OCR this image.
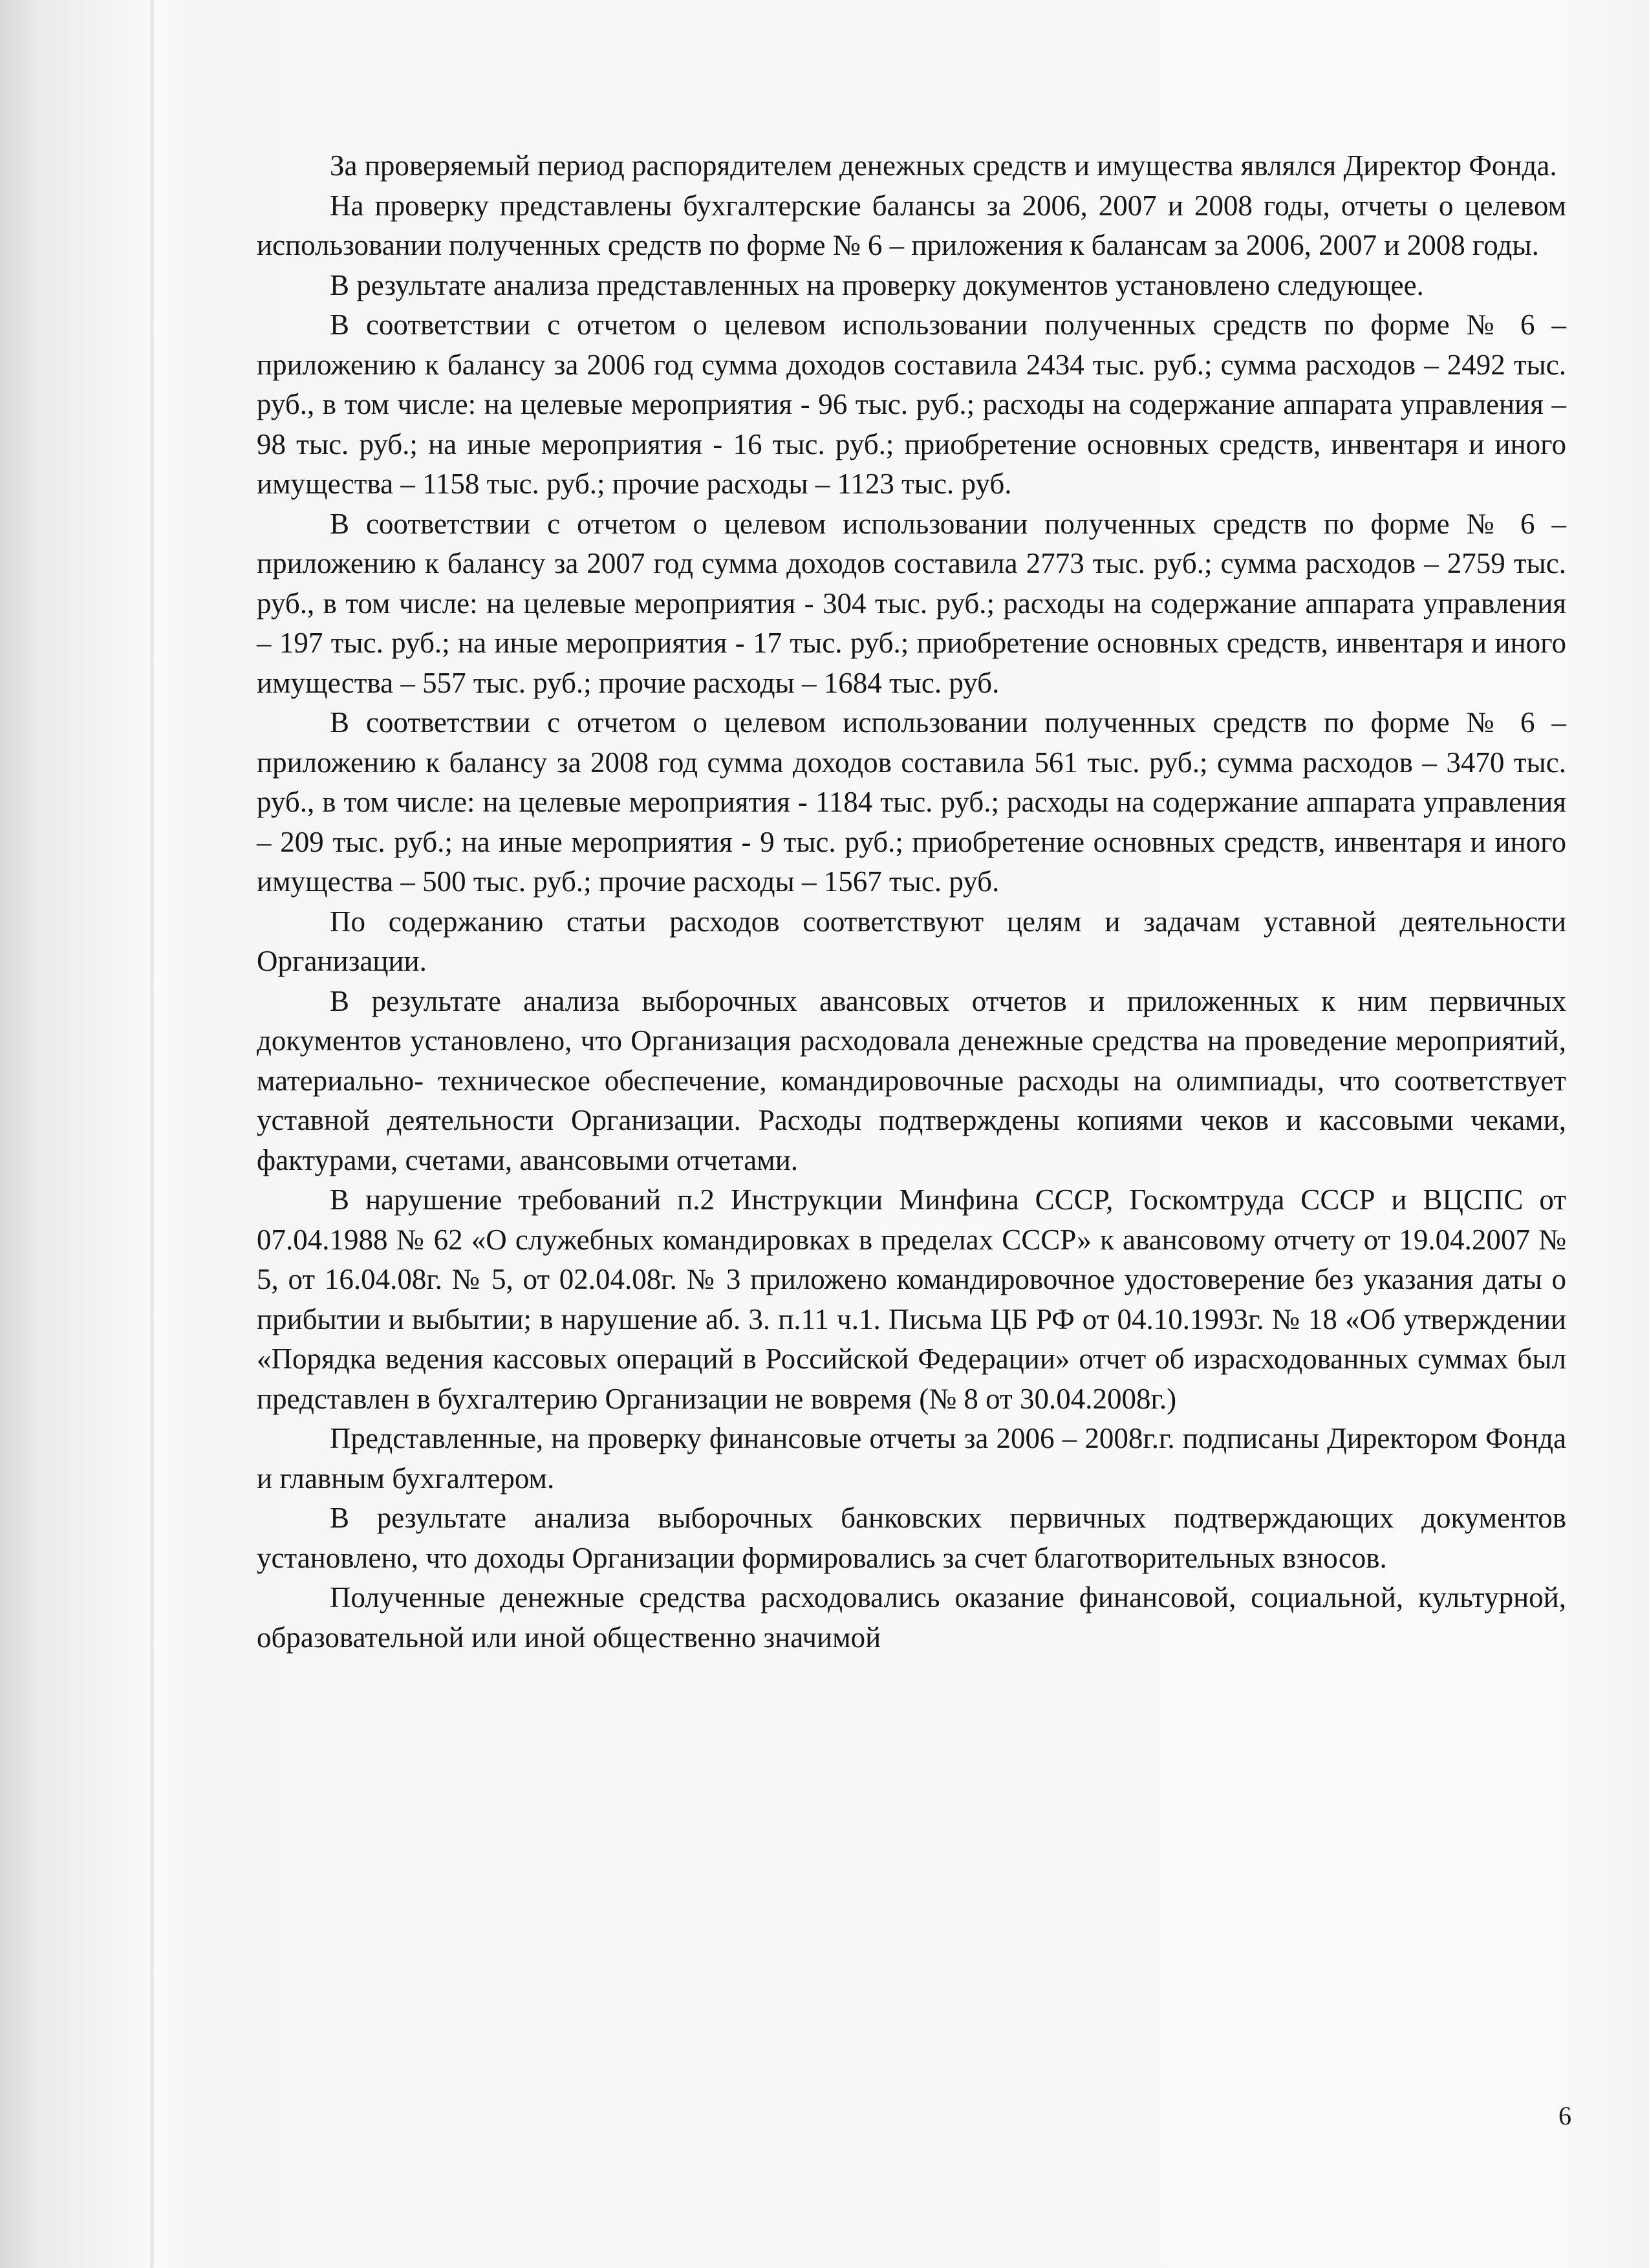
За проверяемый период распорядителем денежных средств и имущества являлся Директор Фонда.

На проверку представлены бухгалтерские балансы за 2006, 2007 и 2008 годы, отчеты о целевом использовании полученных средств по форме № 6 – приложения к балансам за 2006, 2007 и 2008 годы.

В результате анализа представленных на проверку документов установлено следующее.

В соответствии с отчетом о целевом использовании полученных средств по форме № 6 – приложению к балансу за 2006 год сумма доходов составила 2434 тыс. руб.; сумма расходов – 2492 тыс. руб., в том числе: на целевые мероприятия - 96 тыс. руб.; расходы на содержание аппарата управления – 98 тыс. руб.; на иные мероприятия - 16 тыс. руб.; приобретение основных средств, инвентаря и иного имущества – 1158 тыс. руб.; прочие расходы – 1123 тыс. руб.

В соответствии с отчетом о целевом использовании полученных средств по форме № 6 – приложению к балансу за 2007 год сумма доходов составила 2773 тыс. руб.; сумма расходов – 2759 тыс. руб., в том числе: на целевые мероприятия - 304 тыс. руб.; расходы на содержание аппарата управления – 197 тыс. руб.; на иные мероприятия - 17 тыс. руб.; приобретение основных средств, инвентаря и иного имущества – 557 тыс. руб.; прочие расходы – 1684 тыс. руб.

В соответствии с отчетом о целевом использовании полученных средств по форме № 6 – приложению к балансу за 2008 год сумма доходов составила 561 тыс. руб.; сумма расходов – 3470 тыс. руб., в том числе: на целевые мероприятия - 1184 тыс. руб.; расходы на содержание аппарата управления – 209 тыс. руб.; на иные мероприятия - 9 тыс. руб.; приобретение основных средств, инвентаря и иного имущества – 500 тыс. руб.; прочие расходы – 1567 тыс. руб.

По содержанию статьи расходов соответствуют целям и задачам уставной деятельности Организации.

В результате анализа выборочных авансовых отчетов и приложенных к ним первичных документов установлено, что Организация расходовала денежные средства на проведение мероприятий, материально- техническое обеспечение, командировочные расходы на олимпиады, что соответствует уставной деятельности Организации. Расходы подтверждены копиями чеков и кассовыми чеками, фактурами, счетами, авансовыми отчетами.

В нарушение требований п.2 Инструкции Минфина СССР, Госкомтруда СССР и ВЦСПС от 07.04.1988 № 62 «О служебных командировках в пределах СССР» к авансовому отчету от 19.04.2007 № 5, от 16.04.08г. № 5, от 02.04.08г. № 3 приложено командировочное удостоверение без указания даты о прибытии и выбытии; в нарушение аб. 3. п.11 ч.1. Письма ЦБ РФ от 04.10.1993г. № 18 «Об утверждении «Порядка ведения кассовых операций в Российской Федерации» отчет об израсходованных суммах был представлен в бухгалтерию Организации не вовремя (№ 8 от 30.04.2008г.)

Представленные, на проверку финансовые отчеты за 2006 – 2008г.г. подписаны Директором Фонда и главным бухгалтером.

В результате анализа выборочных банковских первичных подтверждающих документов установлено, что доходы Организации формировались за счет благотворительных взносов.

Полученные денежные средства расходовались оказание финансовой, социальной, культурной, образовательной или иной общественно значимой

6
